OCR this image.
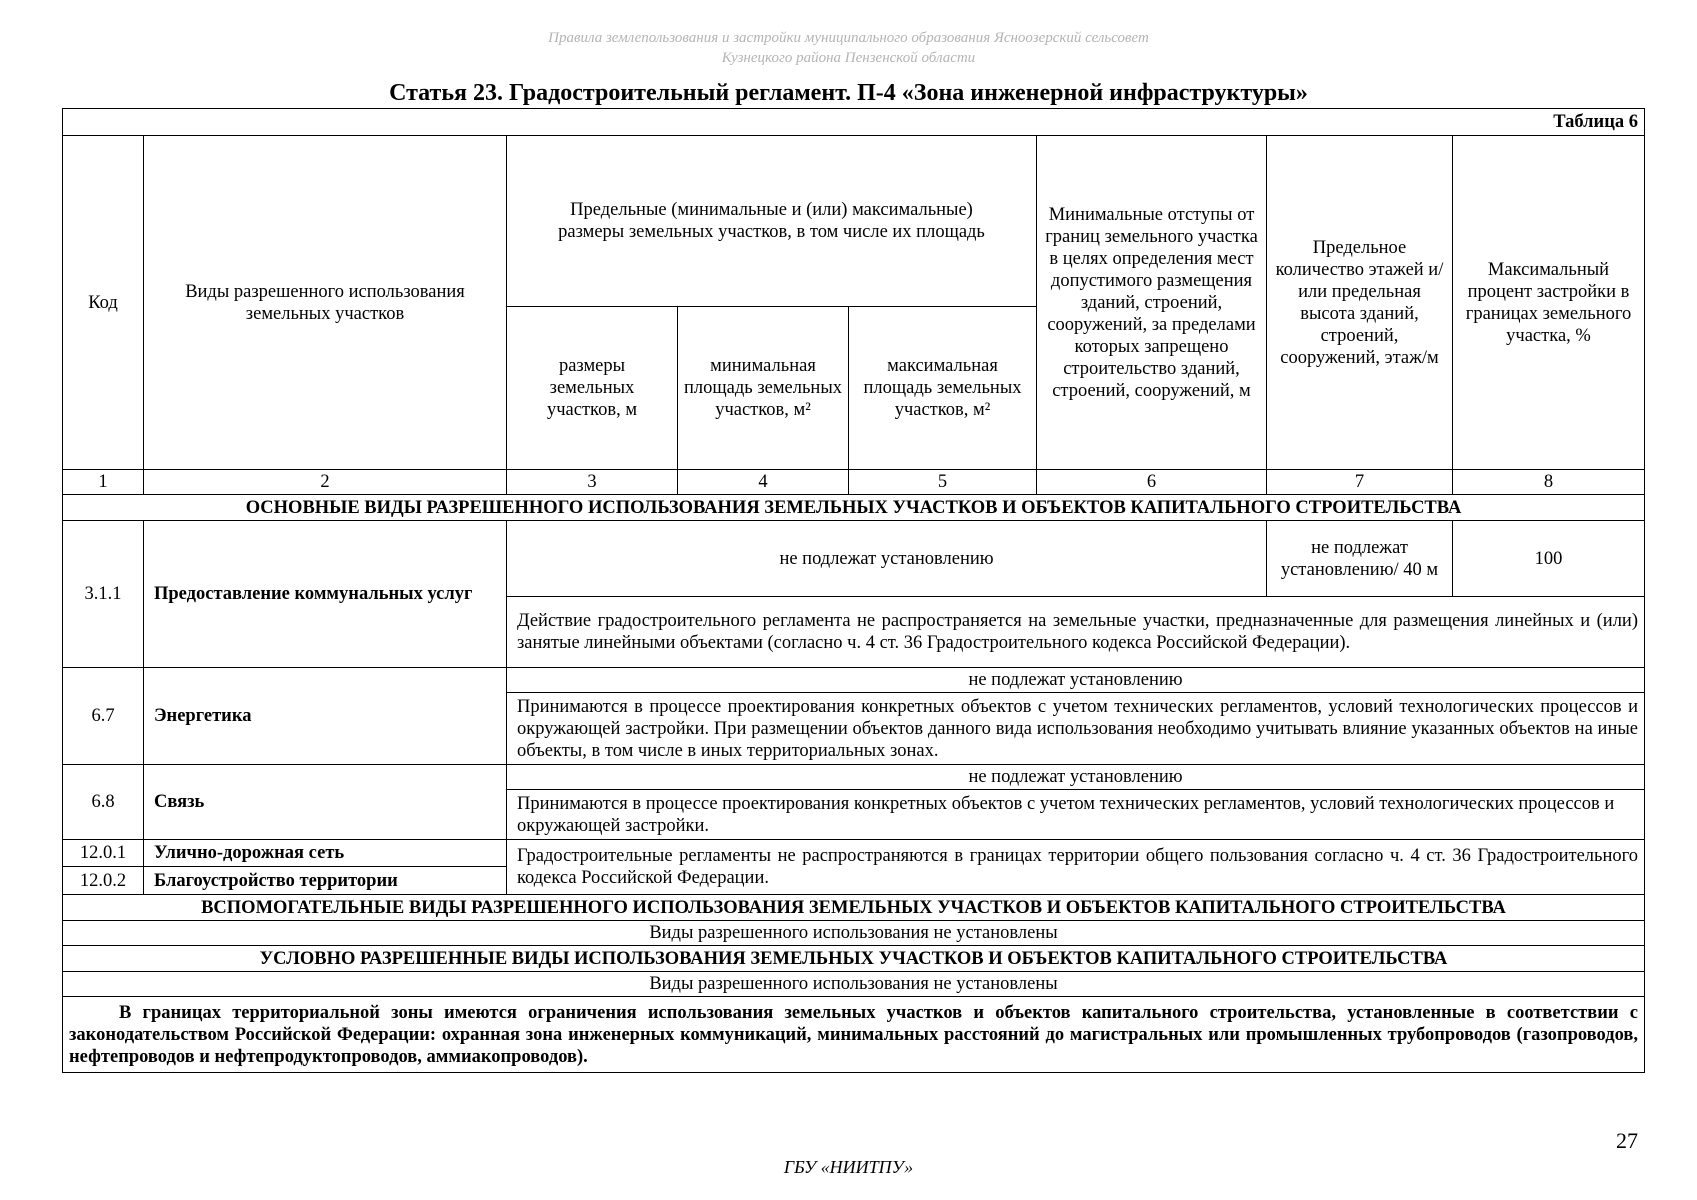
Правила землепользования и застройки муниципального образования Ясноозерский сельсовет
Кузнецкого района Пензенской области
Статья 23. Градостроительный регламент. П-4 «Зона инженерной инфраструктуры»
Таблица 6							
Код	Виды разрешенного использования земельных участков	Предельные (минимальные и (или) максимальные) размеры земельных участков, в том числе их площадь			Минимальные отступы от границ земельного участка в целях определения мест допустимого размещения зданий, строений, сооружений, за пределами которых запрещено строительство зданий, строений, сооружений, м	Предельное количество этажей и/или предельная высота зданий, строений, сооружений, этаж/м	Максимальный процент застройки в границах земельного участка, %
		размеры земельных участков, м	минимальная площадь земельных участков, м²	максимальная площадь земельных участков, м²			
1	2	3	4	5	6	7	8
ОСНОВНЫЕ ВИДЫ РАЗРЕШЕННОГО ИСПОЛЬЗОВАНИЯ ЗЕМЕЛЬНЫХ УЧАСТКОВ И ОБЪЕКТОВ КАПИТАЛЬНОГО СТРОИТЕЛЬСТВА							
3.1.1	Предоставление коммунальных услуг	не подлежат установлению				не подлежат установлению/ 40 м	100
		Действие градостроительного регламента не распространяется на земельные участки, предназначенные для размещения линейных и (или) занятые линейными объектами (согласно ч. 4 ст. 36 Градостроительного кодекса Российской Федерации).					
6.7	Энергетика	не подлежат установлению					
		Принимаются в процессе проектирования конкретных объектов с учетом технических регламентов, условий технологических процессов и окружающей застройки. При размещении объектов данного вида использования необходимо учитывать влияние указанных объектов на иные объекты, в том числе в иных территориальных зонах.					
6.8	Связь	не подлежат установлению					
		Принимаются в процессе проектирования конкретных объектов с учетом технических регламентов, условий технологических процессов и окружающей застройки.					
12.0.1	Улично-дорожная сеть	Градостроительные регламенты не распространяются в границах территории общего пользования согласно ч. 4 ст. 36 Градостроительного кодекса Российской Федерации.					
12.0.2	Благоустройство территории						
ВСПОМОГАТЕЛЬНЫЕ ВИДЫ РАЗРЕШЕННОГО ИСПОЛЬЗОВАНИЯ ЗЕМЕЛЬНЫХ УЧАСТКОВ И ОБЪЕКТОВ КАПИТАЛЬНОГО СТРОИТЕЛЬСТВА							
Виды разрешенного использования не установлены							
УСЛОВНО РАЗРЕШЕННЫЕ ВИДЫ ИСПОЛЬЗОВАНИЯ ЗЕМЕЛЬНЫХ УЧАСТКОВ И ОБЪЕКТОВ КАПИТАЛЬНОГО СТРОИТЕЛЬСТВА							
Виды разрешенного использования не установлены							
В границах территориальной зоны имеются ограничения использования земельных участков и объектов капитального строительства, установленные в соответствии с законодательством Российской Федерации: охранная зона инженерных коммуникаций, минимальных расстояний до магистральных или промышленных трубопроводов (газопроводов, нефтепроводов и нефтепродуктопроводов, аммиакопроводов).							
27
ГБУ «НИИТПУ»
